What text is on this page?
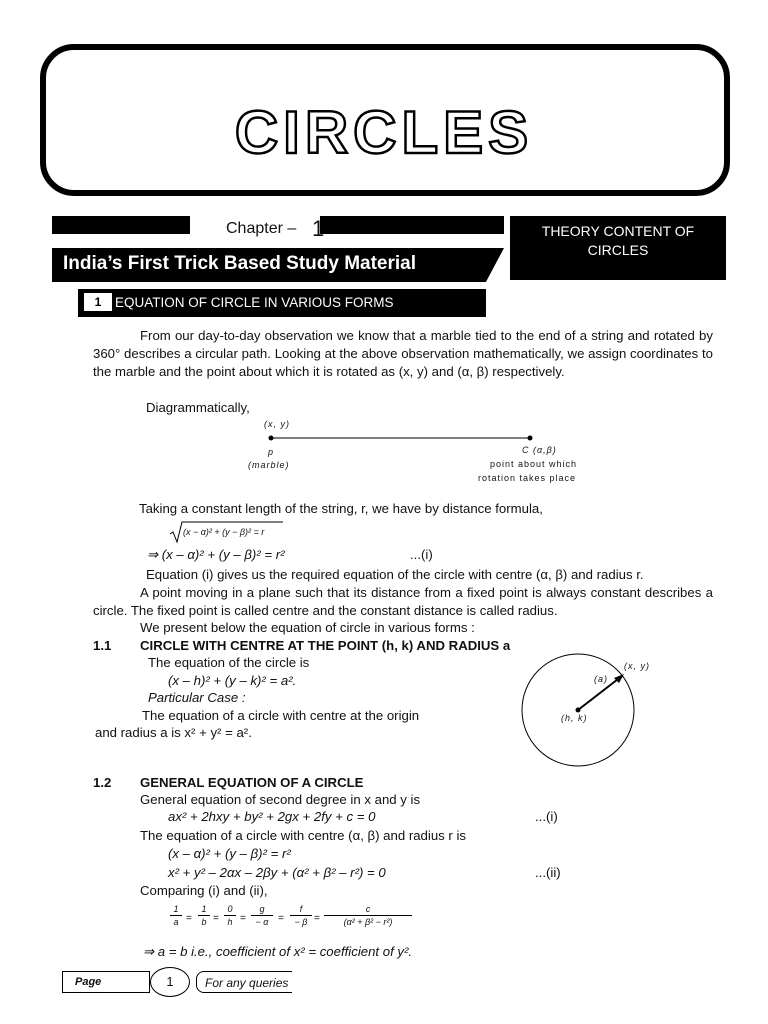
CIRCLES
Chapter – 1
India’s First Trick Based Study Material
THEORY CONTENT OF
CIRCLES
1	EQUATION OF CIRCLE IN VARIOUS FORMS
From our day-to-day observation we know that a marble tied to the end of a string and rotated by 360° describes a circular path. Looking at the above observation mathematically, we assign coordinates to the marble and the point about which it is rotated as (x, y) and (α, β) respectively.
Diagrammatically,
(x, y)
p
(marble)
C (α,β)
point about which
rotation takes place
Taking a constant length of the string, r, we have by distance formula,
(x − α)² + (y − β)² = r
⇒ (x – α)² + (y – β)² = r²	...(i)
Equation (i) gives us the required equation of the circle with centre (α, β) and radius r.
A point moving in a plane such that its distance from a fixed point is always constant describes a circle. The fixed point is called centre and the constant distance is called radius.
We present below the equation of circle in various forms :
1.1 CIRCLE WITH CENTRE AT THE POINT (h, k) AND RADIUS a
The equation of the circle is
(x – h)² + (y – k)² = a².
Particular Case :
The equation of a circle with centre at the origin
and radius a is x² + y² = a².
(x, y)
(a)
(h, k)
1.2 GENERAL EQUATION OF A CIRCLE
General equation of second degree in x and y is
ax² + 2hxy + by² + 2gx + 2fy + c = 0	...(i)
The equation of a circle with centre (α, β) and radius r is
(x – α)² + (y – β)² = r²
x² + y² – 2αx – 2βy + (α² + β² – r²) = 0	...(ii)
Comparing (i) and (ii),
1
a =
1
b =
0
h =
g
− α =
f
− β =
c
(α² + β² − r²)
⇒ a = b i.e., coefficient of x² = coefficient of y².
Page	1	For any queries
